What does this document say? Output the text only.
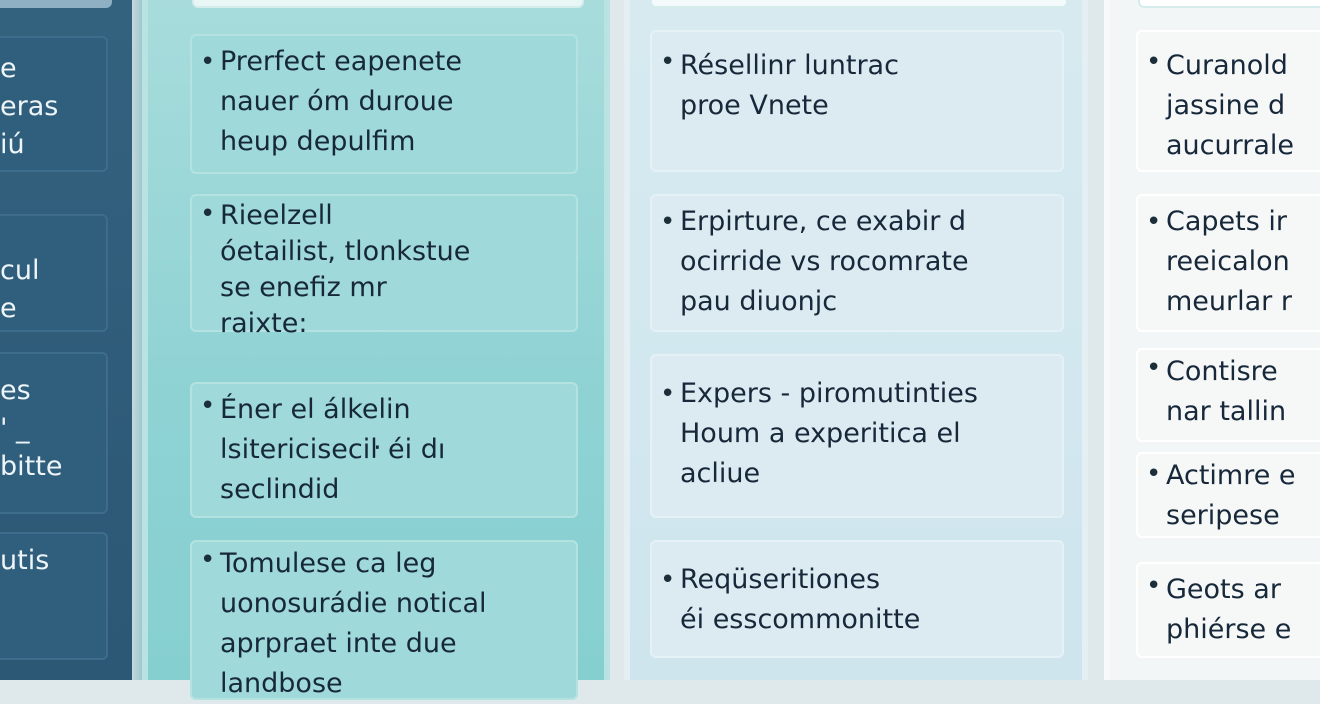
e
eras
iú
cul
e
es
' _
bitte
utis
• Prerfect eapenete
nauer óm duroue
heup depulfim
• Rieelzell
óetailist, tlonkstue
se enefiz mr
raixte:
• Éner el álkelin
lsitericiseciŀ éi dı
seclindid
• Tomulese ca leg
uonosurádie notical
aprpraet inte due
landbose
• Résellinr luntrac
proe Vnete
• Erpirture, ce exabir d
ocirride vs rocomrate
pau diuonjc
• Expers - piromutinties
Houm a experitica el
acliue
• Reqüseritiones
éi esscommonitte
• Curanold
jassine d
aucurrale
• Capets ir
reeicalon
meurlar r
• Contisre
nar tallin
• Actimre e
seripese
• Geots ar
phiérse e
